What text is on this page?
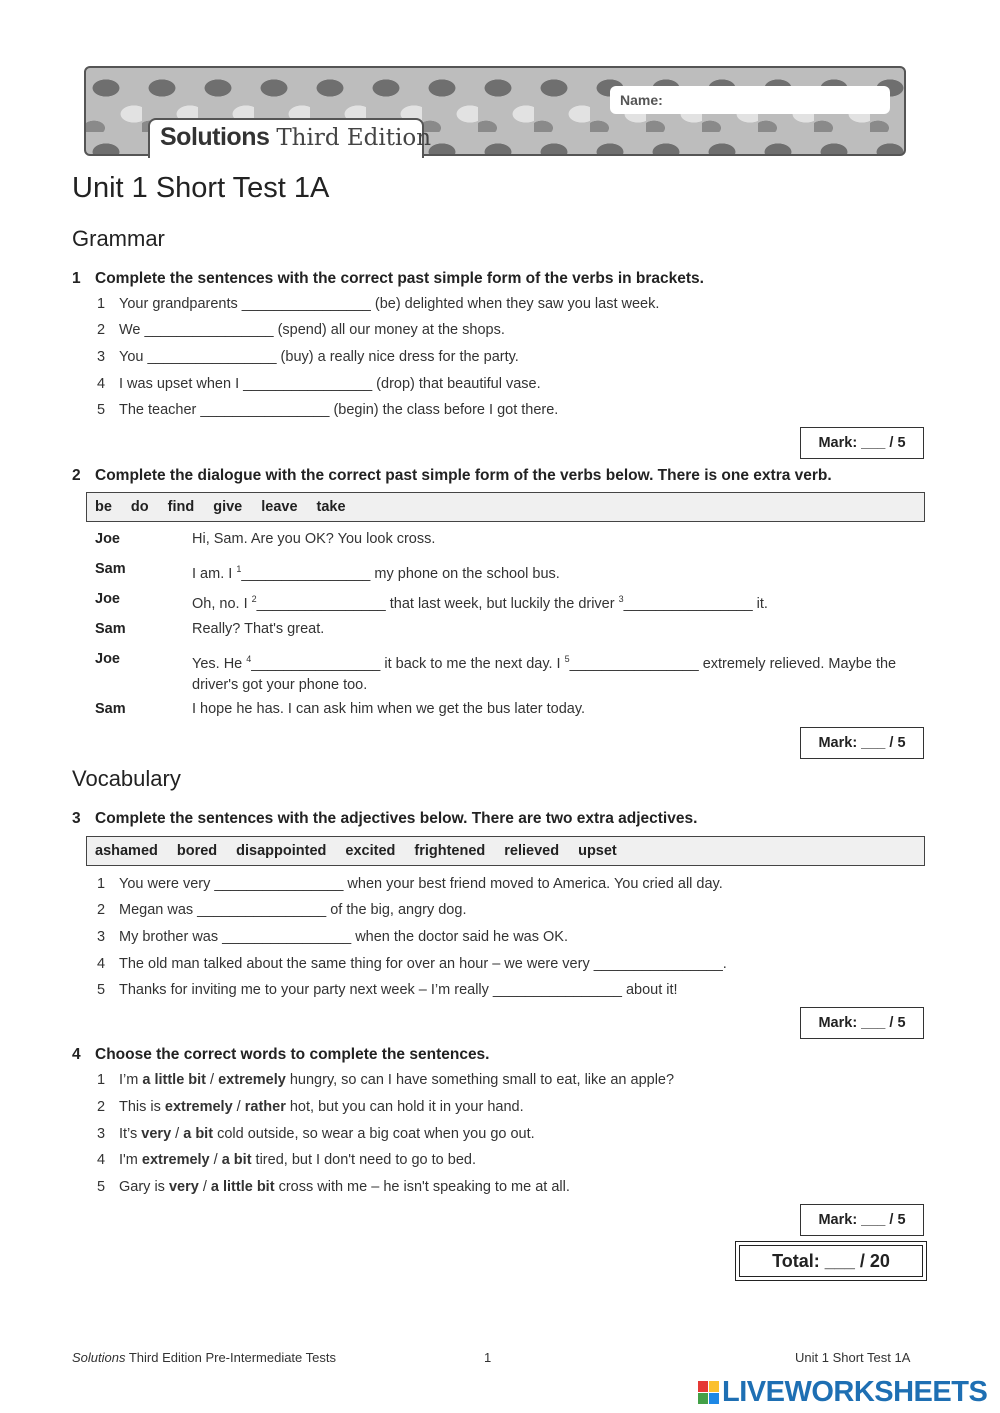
Name:
Solutions Third Edition
Unit 1 Short Test 1A
Grammar
1 Complete the sentences with the correct past simple form of the verbs in brackets.
1 Your grandparents ________________ (be) delighted when they saw you last week.
2 We ________________ (spend) all our money at the shops.
3 You ________________ (buy) a really nice dress for the party.
4 I was upset when I ________________ (drop) that beautiful vase.
5 The teacher ________________ (begin) the class before I got there.
Mark: ___ / 5
2 Complete the dialogue with the correct past simple form of the verbs below. There is one extra verb.
be do find give leave take
Joe	Hi, Sam. Are you OK? You look cross.
Sam	I am. I $^1$________________ my phone on the school bus.
Joe	Oh, no. I $^2$________________ that last week, but luckily the driver $^3$________________ it.
Sam	Really? That's great.
Joe	Yes. He $^4$________________ it back to me the next day. I $^5$________________ extremely relieved. Maybe the driver's got your phone too.
Sam	I hope he has. I can ask him when we get the bus later today.
Mark: ___ / 5
Vocabulary
3 Complete the sentences with the adjectives below. There are two extra adjectives.
ashamed bored disappointed excited frightened relieved upset
1 You were very ________________ when your best friend moved to America. You cried all day.
2 Megan was ________________ of the big, angry dog.
3 My brother was ________________ when the doctor said he was OK.
4 The old man talked about the same thing for over an hour – we were very ________________.
5 Thanks for inviting me to your party next week – I’m really ________________ about it!
Mark: ___ / 5
4 Choose the correct words to complete the sentences.
1 I’m a little bit / extremely hungry, so can I have something small to eat, like an apple?
2 This is extremely / rather hot, but you can hold it in your hand.
3 It’s very / a bit cold outside, so wear a big coat when you go out.
4 I'm extremely / a bit tired, but I don't need to go to bed.
5 Gary is very / a little bit cross with me – he isn't speaking to me at all.
Mark: ___ / 5
Total: ___ / 20
Solutions Third Edition Pre-Intermediate Tests	1	Unit 1 Short Test 1A
LIVEWORKSHEETS
